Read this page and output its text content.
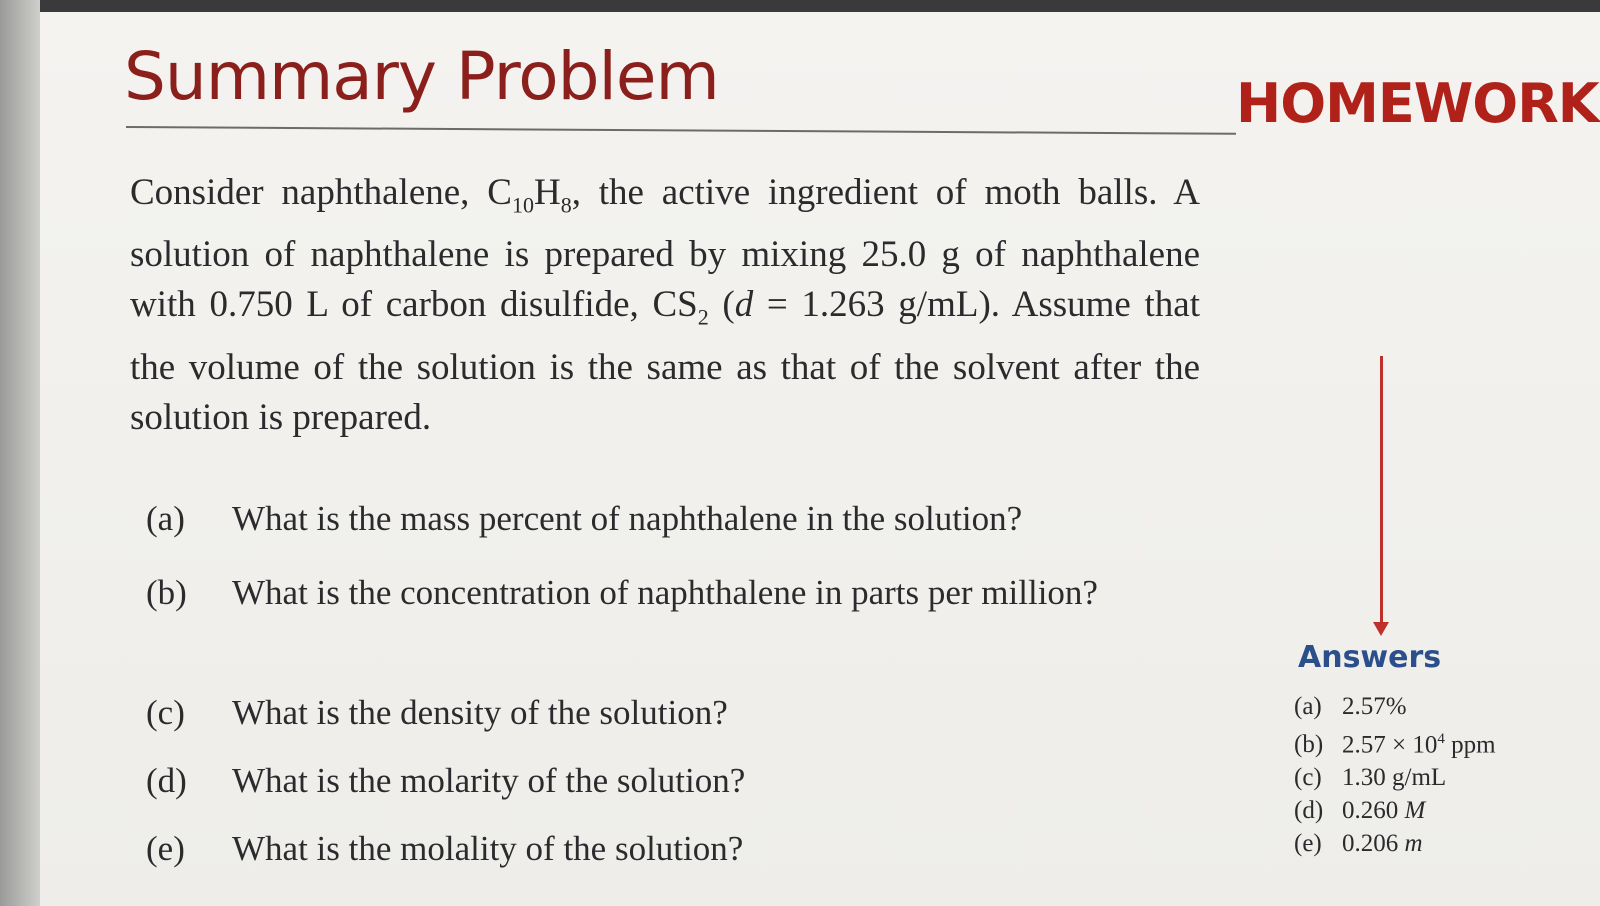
Summary Problem	HOMEWORK
Consider naphthalene, $C_{10}H_8$, the active ingredient of moth balls. A solution of naphthalene is prepared by mixing 25.0 g of naphthalene with 0.750 L of carbon disulfide, $CS_2$ (d = 1.263 g/mL). Assume that the volume of the solution is the same as that of the solvent after the solution is prepared.
(a) What is the mass percent of naphthalene in the solution?
(b) What is the concentration of naphthalene in parts per million?
(c) What is the density of the solution?
(d) What is the molarity of the solution?
(e) What is the molality of the solution?
Answers
(a) 2.57%
(b) $2.57 \times 10^4$ ppm
(c) 1.30 g/mL
(d) 0.260 M
(e) 0.206 m
